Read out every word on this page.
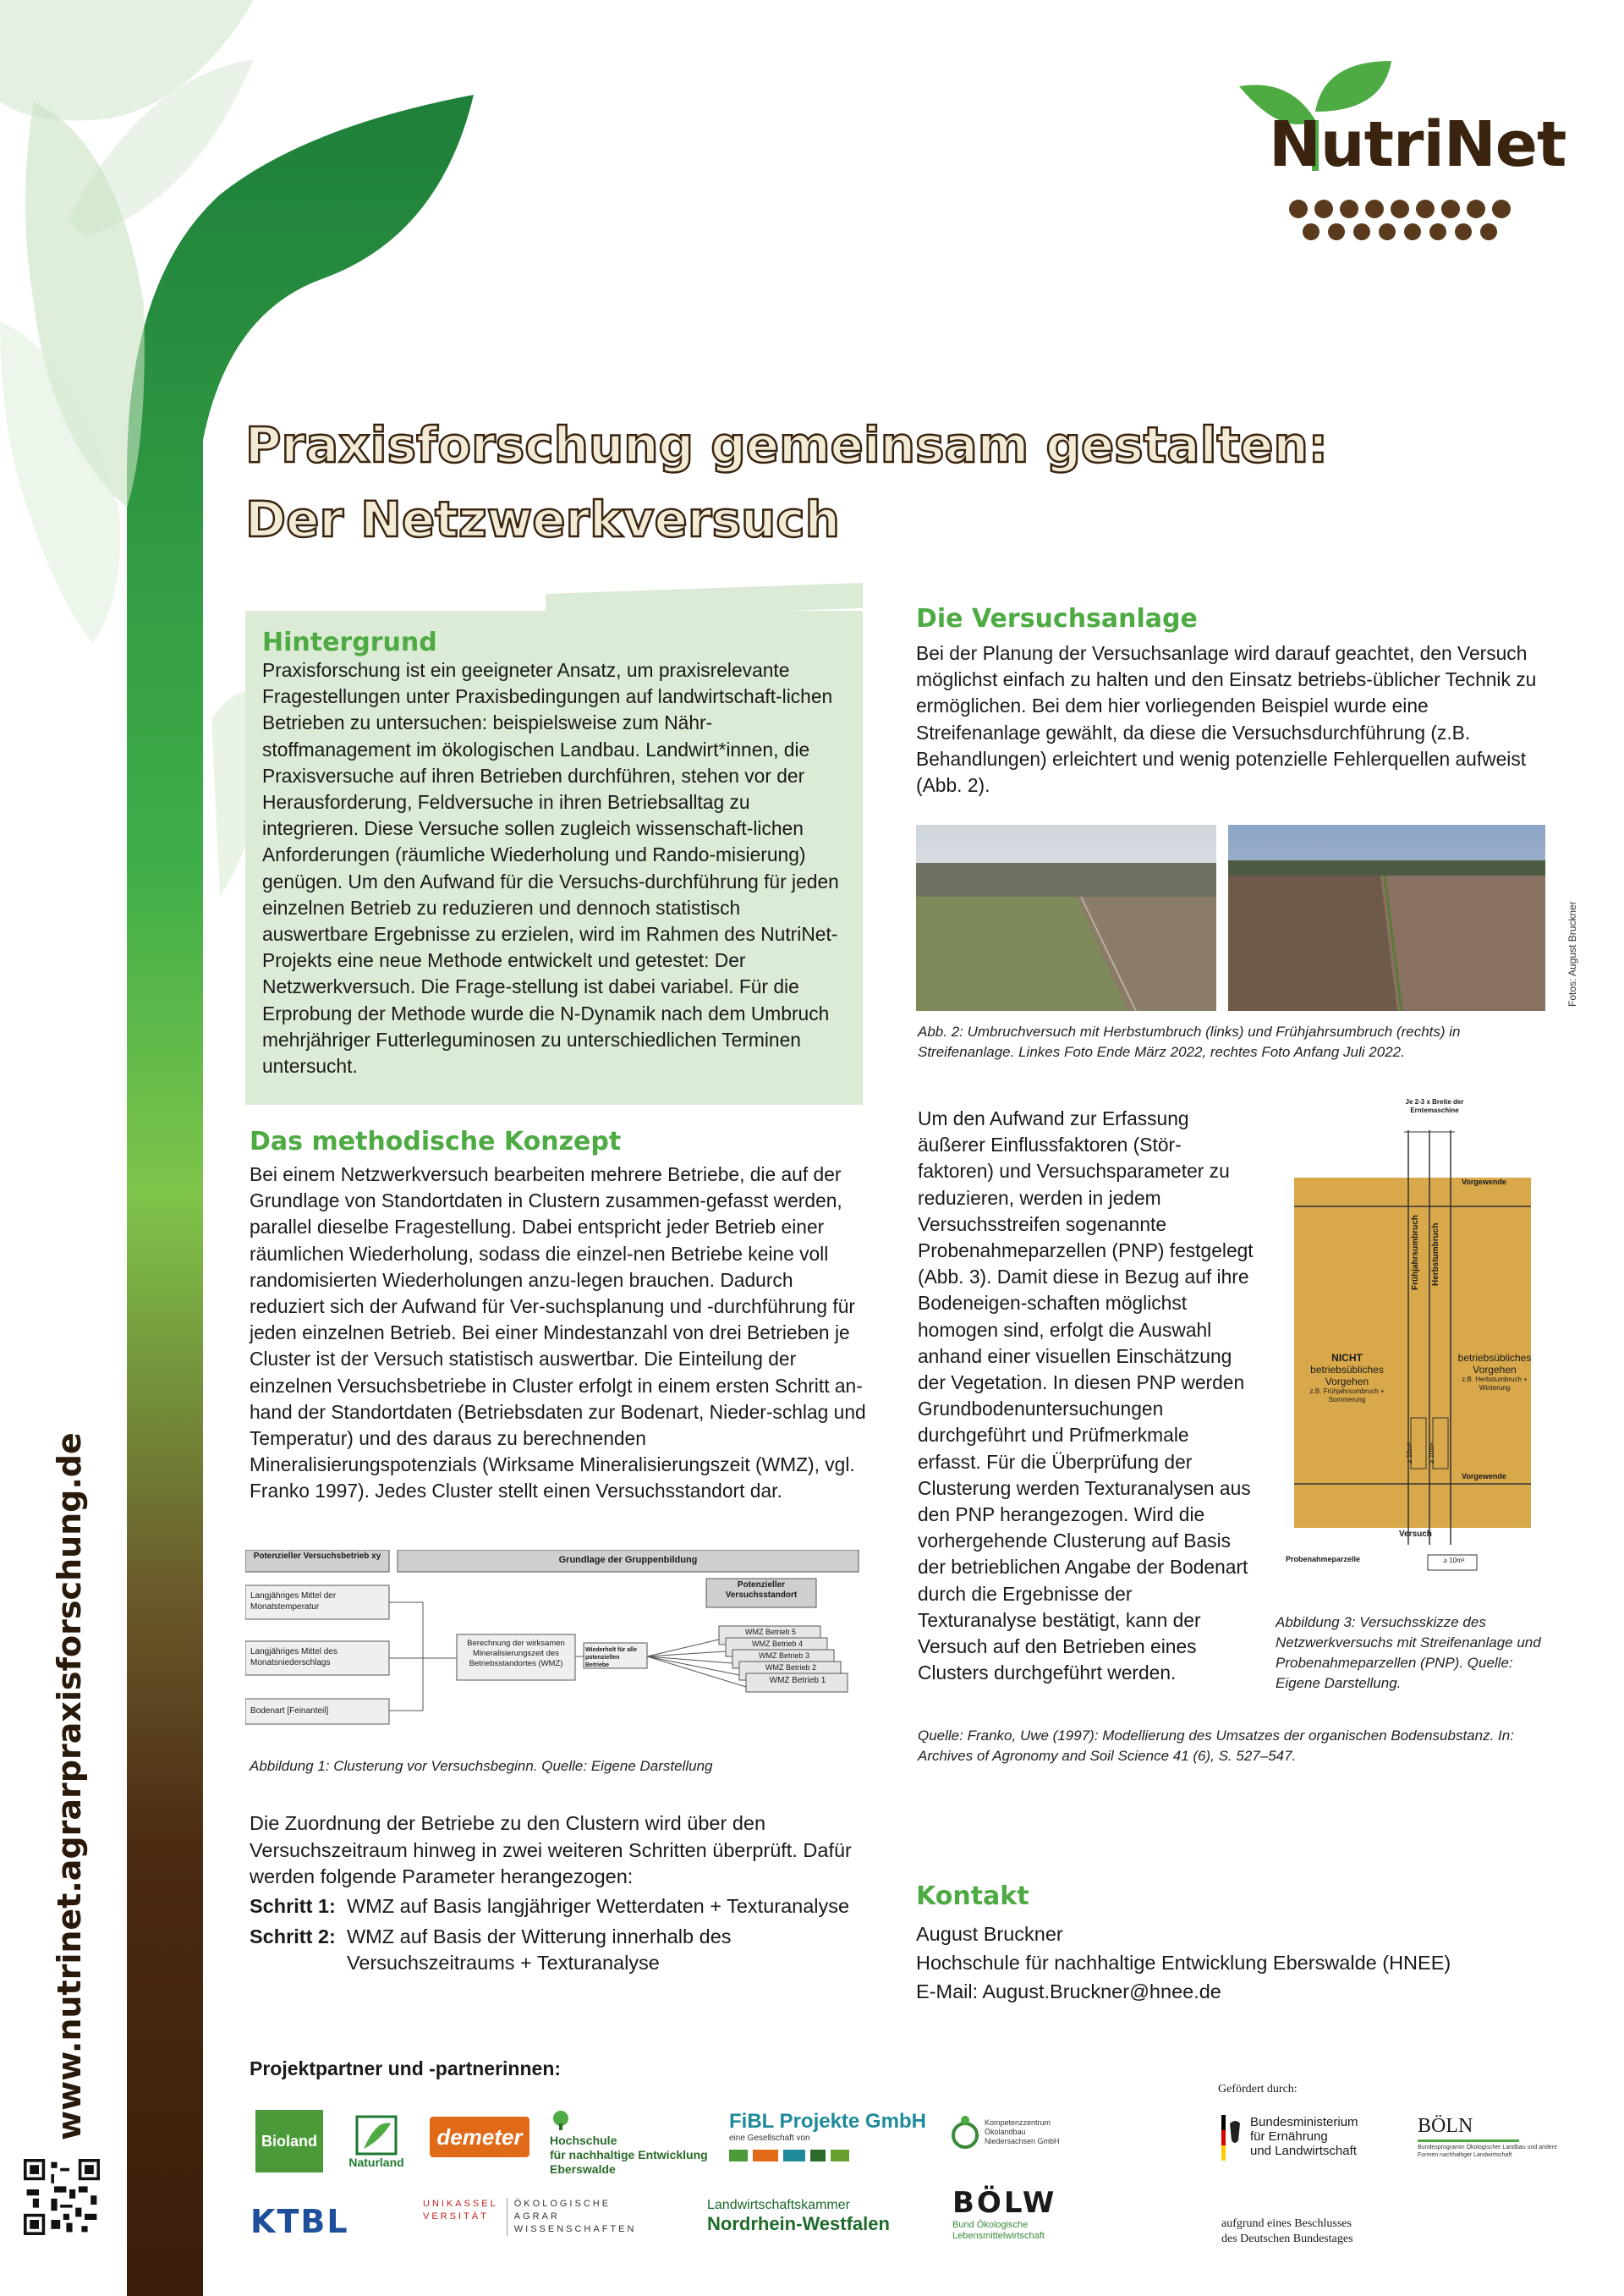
NutriNet
Praxisforschung gemeinsam gestalten:
Der Netzwerkversuch
Hintergrund

Praxisforschung ist ein geeigneter Ansatz, um praxisrelevante Fragestellungen unter Praxisbedingungen auf landwirtschaft-lichen Betrieben zu untersuchen: beispielsweise zum Nähr-stoffmanagement im ökologischen Landbau. Landwirt*innen, die Praxisversuche auf ihren Betrieben durchführen, stehen vor der Herausforderung, Feldversuche in ihren Betriebsalltag zu integrieren. Diese Versuche sollen zugleich wissenschaft-lichen Anforderungen (räumliche Wiederholung und Rando-misierung) genügen. Um den Aufwand für die Versuchs-durchführung für jeden einzelnen Betrieb zu reduzieren und dennoch statistisch auswertbare Ergebnisse zu erzielen, wird im Rahmen des NutriNet-Projekts eine neue Methode entwickelt und getestet: Der Netzwerkversuch. Die Frage-stellung ist dabei variabel. Für die Erprobung der Methode wurde die N-Dynamik nach dem Umbruch mehrjähriger Futterleguminosen zu unterschiedlichen Terminen untersucht.

Das methodische Konzept

Bei einem Netzwerkversuch bearbeiten mehrere Betriebe, die auf der Grundlage von Standortdaten in Clustern zusammen-gefasst werden, parallel dieselbe Fragestellung. Dabei entspricht jeder Betrieb einer räumlichen Wiederholung, sodass die einzel-nen Betriebe keine voll randomisierten Wiederholungen anzu-legen brauchen. Dadurch reduziert sich der Aufwand für Ver-suchsplanung und -durchführung für jeden einzelnen Betrieb. Bei einer Mindestanzahl von drei Betrieben je Cluster ist der Versuch statistisch auswertbar. Die Einteilung der einzelnen Versuchsbetriebe in Cluster erfolgt in einem ersten Schritt an-hand der Standortdaten (Betriebsdaten zur Bodenart, Nieder-schlag und Temperatur) und des daraus zu berechnenden Mineralisierungspotenzials (Wirksame Mineralisierungszeit (WMZ), vgl. Franko 1997). Jedes Cluster stellt einen Versuchsstandort dar.

Potenzieller Versuchsbetrieb xy	Grundlage der Gruppenbildung
Potenzieller Versuchsstandort
Langjähriges Mittel der Monatstemperatur
Langjähriges Mittel des Monatsniederschlags
Bodenart [Feinanteil]
Berechnung der wirksamen Mineralisierungszeit des Betriebsstandortes (WMZ)
Wiederholt für alle potenziellen Betriebe
WMZ Betrieb 5
WMZ Betrieb 4
WMZ Betrieb 3
WMZ Betrieb 2
WMZ Betrieb 1
Abbildung 1: Clusterung vor Versuchsbeginn. Quelle: Eigene Darstellung
Die Zuordnung der Betriebe zu den Clustern wird über den Versuchszeitraum hinweg in zwei weiteren Schritten überprüft. Dafür werden folgende Parameter herangezogen:
Schritt 1: WMZ auf Basis langjähriger Wetterdaten + Texturanalyse
Schritt 2: WMZ auf Basis der Witterung innerhalb des Versuchszeitraums + Texturanalyse
Die Versuchsanlage

Bei der Planung der Versuchsanlage wird darauf geachtet, den Versuch möglichst einfach zu halten und den Einsatz betriebs-üblicher Technik zu ermöglichen. Bei dem hier vorliegenden Beispiel wurde eine Streifenanlage gewählt, da diese die Versuchsdurchführung (z.B. Behandlungen) erleichtert und wenig potenzielle Fehlerquellen aufweist (Abb. 2).

Fotos: August Bruckner
Abb. 2: Umbruchversuch mit Herbstumbruch (links) und Frühjahrsumbruch (rechts) in Streifenanlage. Linkes Foto Ende März 2022, rechtes Foto Anfang Juli 2022.
Um den Aufwand zur Erfassung äußerer Einflussfaktoren (Stör-faktoren) und Versuchsparameter zu reduzieren, werden in jedem Versuchsstreifen sogenannte Probenahmeparzellen (PNP) festgelegt (Abb. 3). Damit diese in Bezug auf ihre Bodeneigen-schaften möglichst homogen sind, erfolgt die Auswahl anhand einer visuellen Einschätzung der Vegetation. In diesen PNP werden Grundbodenuntersuchungen durchgeführt und Prüfmerkmale erfasst. Für die Überprüfung der Clusterung werden Texturanalysen aus den PNP herangezogen. Wird die vorhergehende Clusterung auf Basis der betrieblichen Angabe der Bodenart durch die Ergebnisse der Texturanalyse bestätigt, kann der Versuch auf den Betrieben eines Clusters durchgeführt werden.
Je 2-3 x Breite der Erntemaschine
Vorgewende
Vorgewende
Frühjahrsumbruch Herbstumbruch
NICHT
betriebsübliches Vorgehen
z.B. Frühjahrsumbruch + Sommerung
betriebsübliches Vorgehen
z.B. Herbstumbruch + Winterung
≥ 10m² ≥ 10m²
Versuch
Probenahmeparzelle	≥ 10m²
Abbildung 3: Versuchsskizze des Netzwerkversuchs mit Streifenanlage und Probenahmeparzellen (PNP). Quelle: Eigene Darstellung.
Quelle: Franko, Uwe (1997): Modellierung des Umsatzes der organischen Bodensubstanz. In: Archives of Agronomy and Soil Science 41 (6), S. 527–547.
Kontakt
August Bruckner
Hochschule für nachhaltige Entwicklung Eberswalde (HNEE)
E-Mail: August.Bruckner@hnee.de
Projektpartner und -partnerinnen:
Bioland
Naturland
demeter Hochschule
für nachhaltige Entwicklung
Eberswalde
FiBL Projekte GmbH
eine Gesellschaft von
Kompetenzzentrum
Ökolandbau
Niedersachsen GmbH
KTBL	UNIKASSEL
VERSITÄT
ÖKOLOGISCHE
AGRAR
WISSENSCHAFTEN
Landwirtschaftskammer
Nordrhein-Westfalen
BÖLW
Bund Ökologische
Lebensmittelwirtschaft
Gefördert durch:
Bundesministerium
für Ernährung
und Landwirtschaft
BÖLN
Bundesprogramm Ökologischer Landbau und andere Formen nachhaltiger Landwirtschaft
aufgrund eines Beschlusses
des Deutschen Bundestages
www.nutrinet.agrarpraxisforschung.de
